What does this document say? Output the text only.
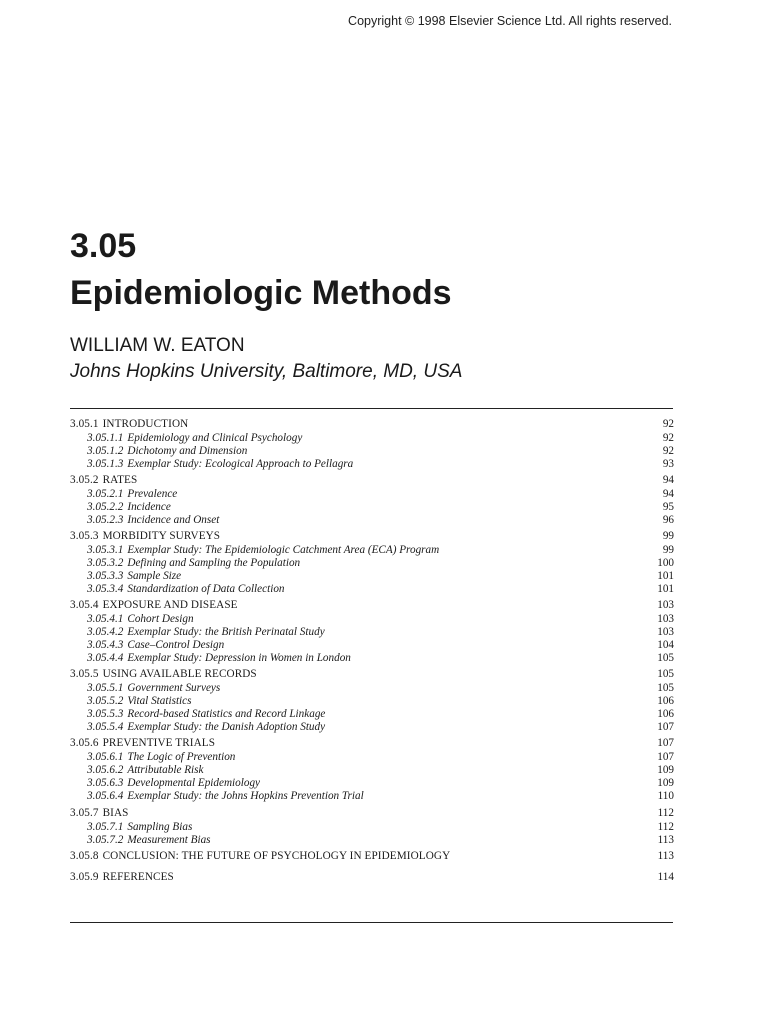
Copyright © 1998 Elsevier Science Ltd. All rights reserved.
3.05
Epidemiologic Methods
WILLIAM W. EATON
Johns Hopkins University, Baltimore, MD, USA
3.05.1 INTRODUCTION	92
3.05.1.1 Epidemiology and Clinical Psychology	92
3.05.1.2 Dichotomy and Dimension	92
3.05.1.3 Exemplar Study: Ecological Approach to Pellagra	93
3.05.2 RATES	94
3.05.2.1 Prevalence	94
3.05.2.2 Incidence	95
3.05.2.3 Incidence and Onset	96
3.05.3 MORBIDITY SURVEYS	99
3.05.3.1 Exemplar Study: The Epidemiologic Catchment Area (ECA) Program	99
3.05.3.2 Defining and Sampling the Population	100
3.05.3.3 Sample Size	101
3.05.3.4 Standardization of Data Collection	101
3.05.4 EXPOSURE AND DISEASE	103
3.05.4.1 Cohort Design	103
3.05.4.2 Exemplar Study: the British Perinatal Study	103
3.05.4.3 Case–Control Design	104
3.05.4.4 Exemplar Study: Depression in Women in London	105
3.05.5 USING AVAILABLE RECORDS	105
3.05.5.1 Government Surveys	105
3.05.5.2 Vital Statistics	106
3.05.5.3 Record-based Statistics and Record Linkage	106
3.05.5.4 Exemplar Study: the Danish Adoption Study	107
3.05.6 PREVENTIVE TRIALS	107
3.05.6.1 The Logic of Prevention	107
3.05.6.2 Attributable Risk	109
3.05.6.3 Developmental Epidemiology	109
3.05.6.4 Exemplar Study: the Johns Hopkins Prevention Trial	110
3.05.7 BIAS	112
3.05.7.1 Sampling Bias	112
3.05.7.2 Measurement Bias	113
3.05.8 CONCLUSION: THE FUTURE OF PSYCHOLOGY IN EPIDEMIOLOGY	113
3.05.9 REFERENCES	114
